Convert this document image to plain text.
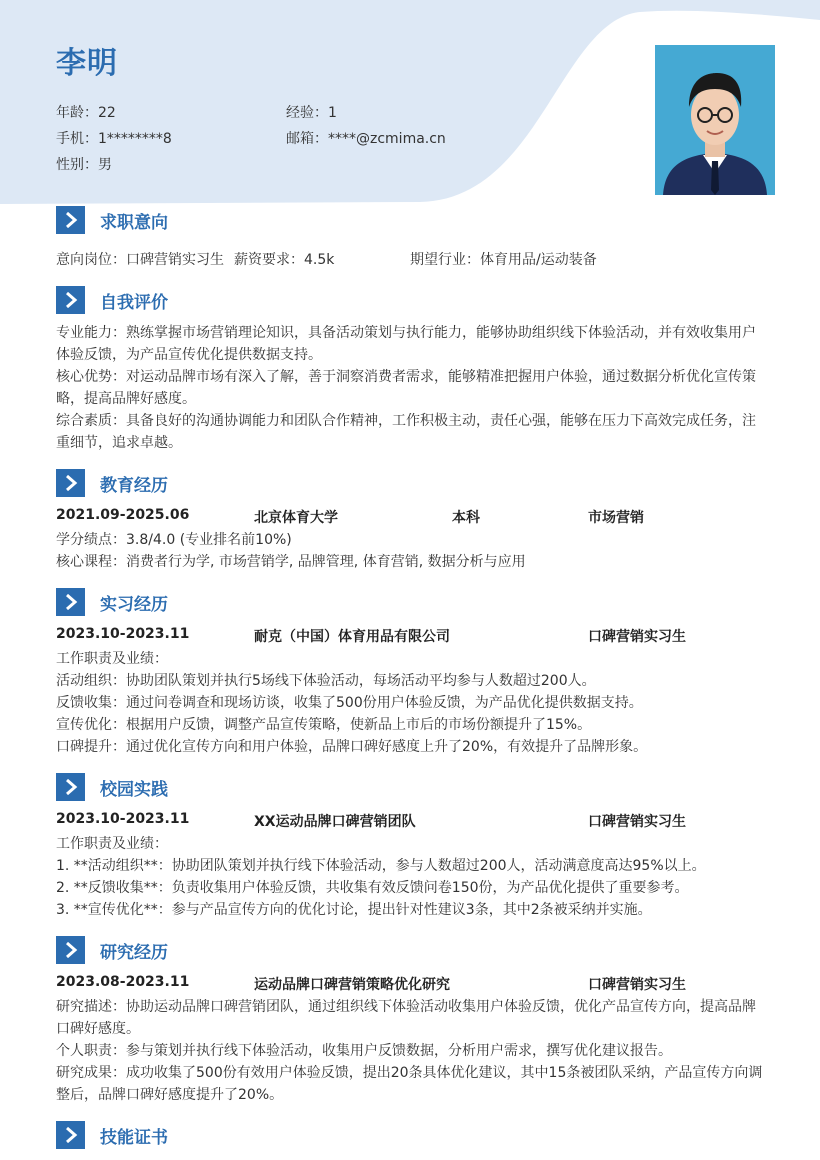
李明
年龄：22	经验：1
手机：1********8	邮箱：****@zcmima.cn
性别：男
求职意向
意向岗位：口碑营销实习生 薪资要求：4.5k	期望行业：体育用品/运动装备
自我评价
专业能力：熟练掌握市场营销理论知识，具备活动策划与执行能力，能够协助组织线下体验活动，并有效收集用户
体验反馈，为产品宣传优化提供数据支持。
核心优势：对运动品牌市场有深入了解，善于洞察消费者需求，能够精准把握用户体验，通过数据分析优化宣传策
略，提高品牌好感度。
综合素质：具备良好的沟通协调能力和团队合作精神，工作积极主动，责任心强，能够在压力下高效完成任务，注
重细节，追求卓越。
教育经历
2021.09-2025.06	北京体育大学	本科	市场营销
学分绩点：3.8/4.0 (专业排名前10%)
核心课程：消费者行为学, 市场营销学, 品牌管理, 体育营销, 数据分析与应用
实习经历
2023.10-2023.11	耐克（中国）体育用品有限公司	口碑营销实习生
工作职责及业绩：
活动组织：协助团队策划并执行5场线下体验活动，每场活动平均参与人数超过200人。
反馈收集：通过问卷调查和现场访谈，收集了500份用户体验反馈，为产品优化提供数据支持。
宣传优化：根据用户反馈，调整产品宣传策略，使新品上市后的市场份额提升了15%。
口碑提升：通过优化宣传方向和用户体验，品牌口碑好感度上升了20%，有效提升了品牌形象。
校园实践
2023.10-2023.11	XX运动品牌口碑营销团队	口碑营销实习生
工作职责及业绩：
1. **活动组织**：协助团队策划并执行线下体验活动，参与人数超过200人，活动满意度高达95%以上。
2. **反馈收集**：负责收集用户体验反馈，共收集有效反馈问卷150份，为产品优化提供了重要参考。
3. **宣传优化**：参与产品宣传方向的优化讨论，提出针对性建议3条，其中2条被采纳并实施。
研究经历
2023.08-2023.11	运动品牌口碑营销策略优化研究	口碑营销实习生
研究描述：协助运动品牌口碑营销团队，通过组织线下体验活动收集用户体验反馈，优化产品宣传方向，提高品牌
口碑好感度。
个人职责：参与策划并执行线下体验活动，收集用户反馈数据，分析用户需求，撰写优化建议报告。
研究成果：成功收集了500份有效用户体验反馈，提出20条具体优化建议，其中15条被团队采纳，产品宣传方向调
整后，品牌口碑好感度提升了20%。
技能证书
